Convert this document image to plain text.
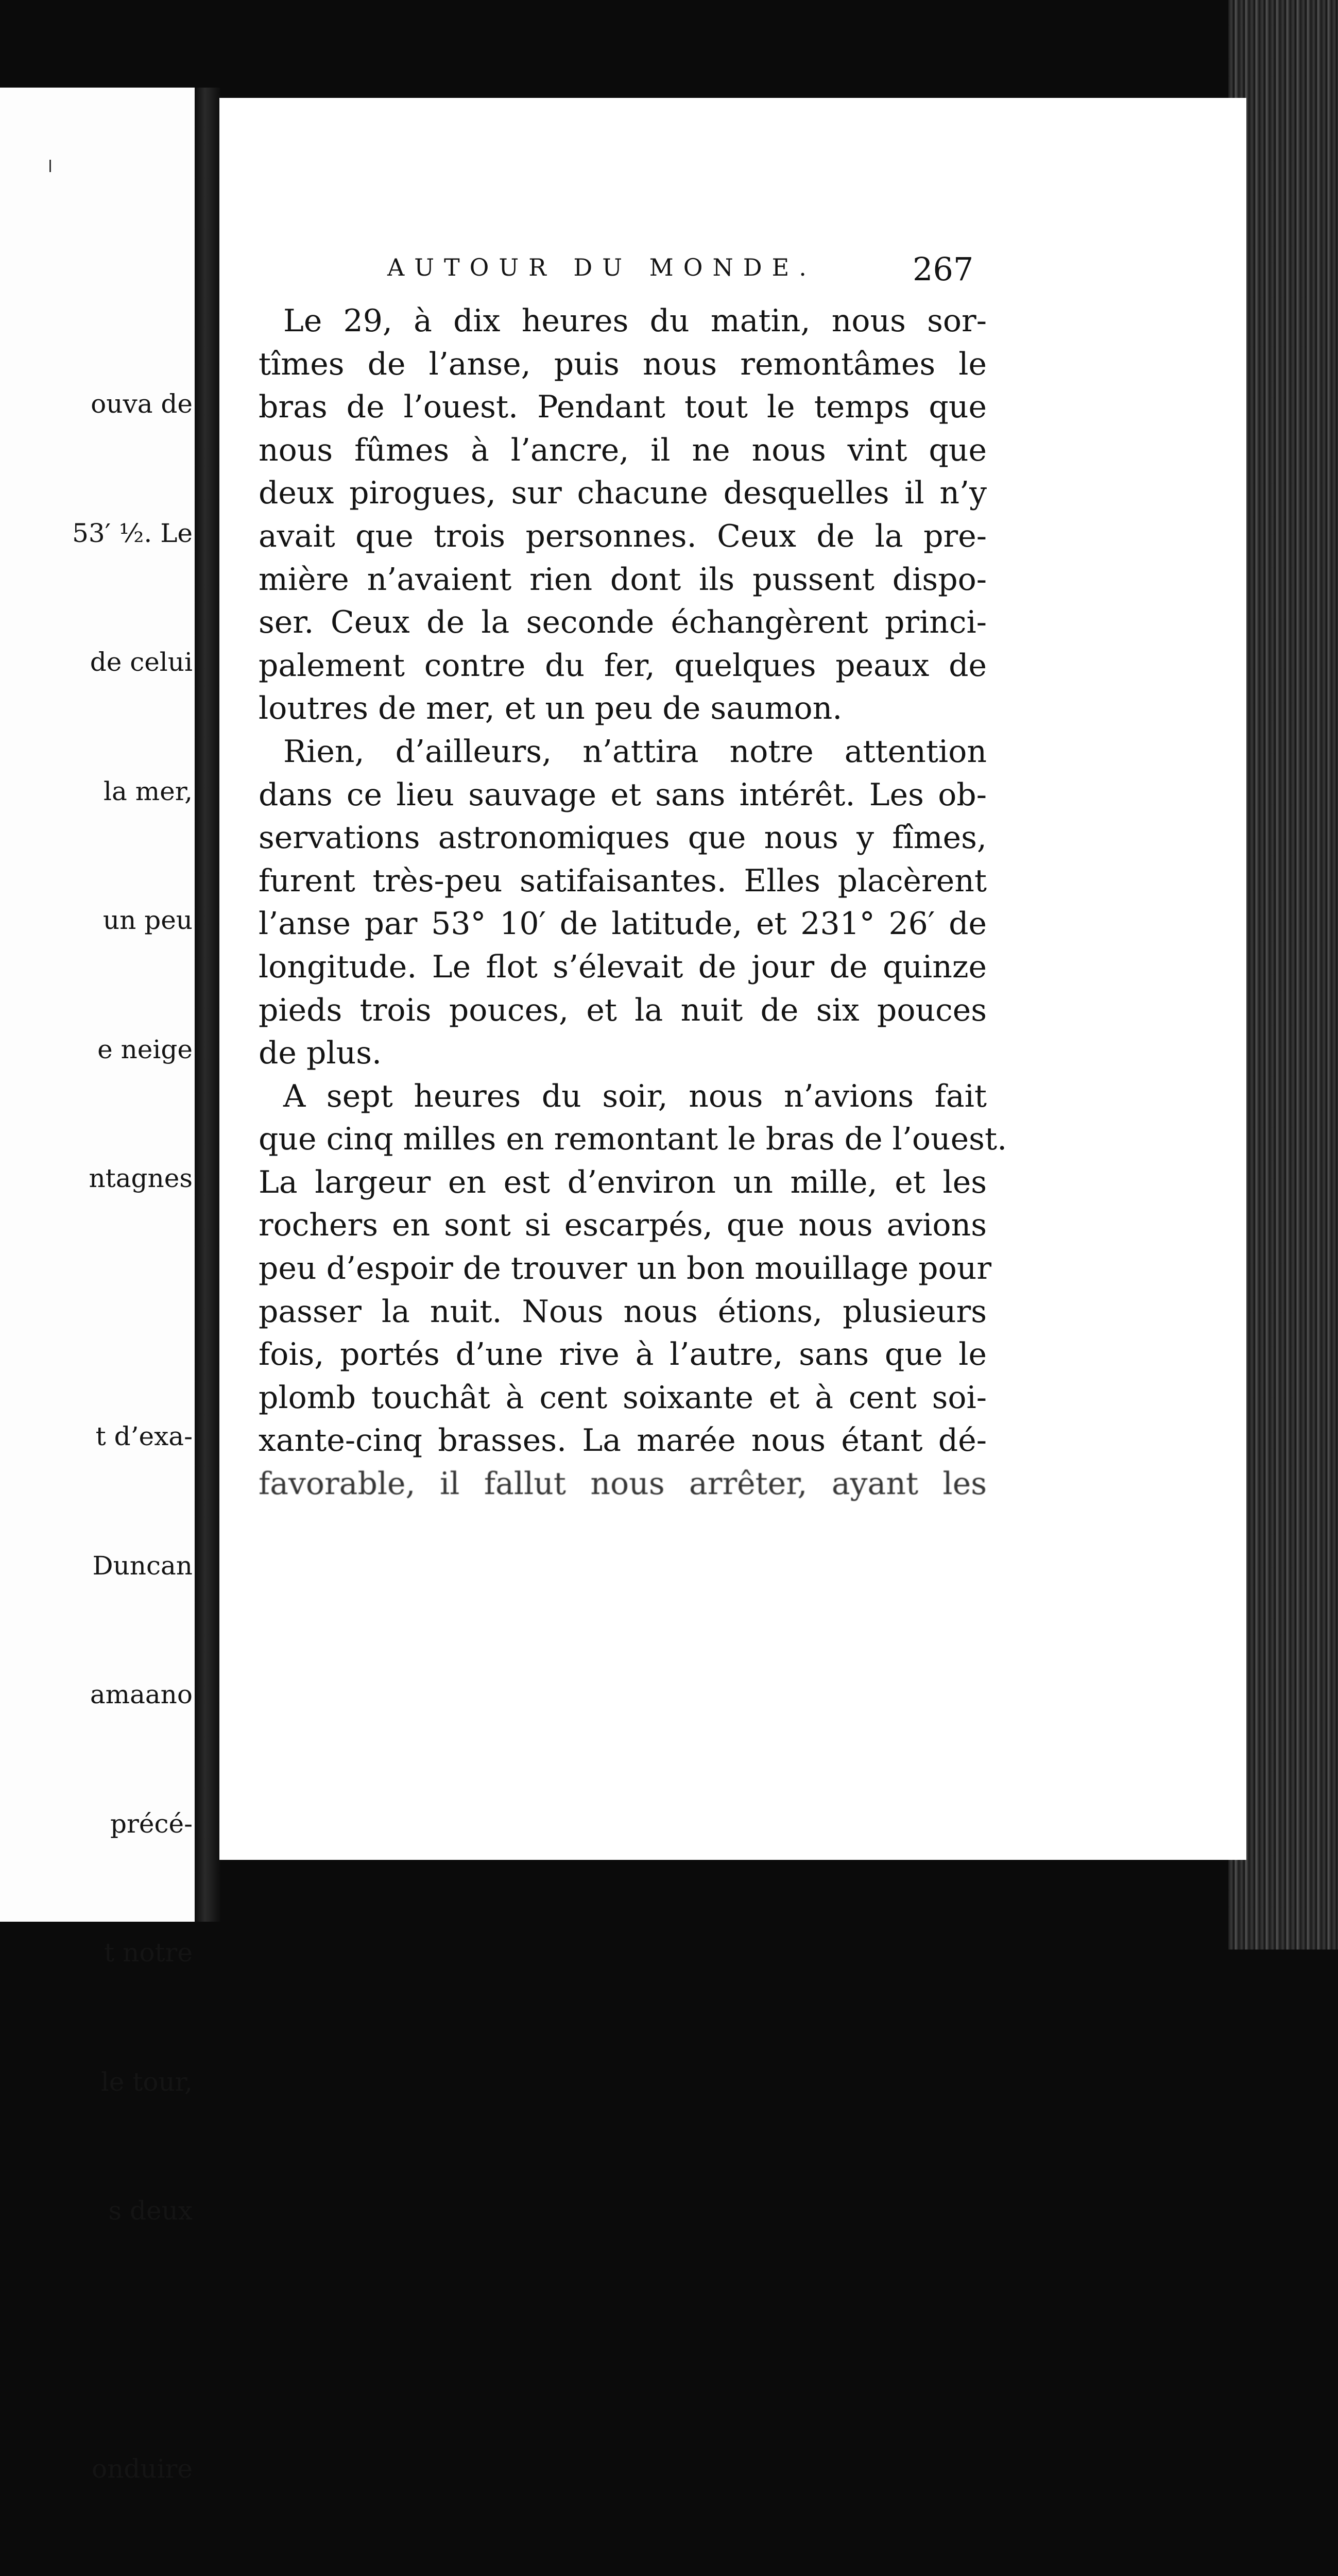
ouva de

53′ ½. Le

de celui

la mer,

un peu

e neige

ntagnes

t d’exa-

Duncan

amaano

précé-

t notre

le tour,

s deux

onduire

AUTOUR DU MONDE.	267
Le 29, à dix heures du matin, nous sor-
tîmes de l’anse, puis nous remontâmes le
bras de l’ouest. Pendant tout le temps que
nous fûmes à l’ancre, il ne nous vint que
deux pirogues, sur chacune desquelles il n’y
avait que trois personnes. Ceux de la pre-
mière n’avaient rien dont ils pussent dispo-
ser. Ceux de la seconde échangèrent princi-
palement contre du fer, quelques peaux de
loutres de mer, et un peu de saumon.
Rien, d’ailleurs, n’attira notre attention
dans ce lieu sauvage et sans intérêt. Les ob-
servations astronomiques que nous y fîmes,
furent très-peu satifaisantes. Elles placèrent
l’anse par 53° 10′ de latitude, et 231° 26′ de
longitude. Le flot s’élevait de jour de quinze
pieds trois pouces, et la nuit de six pouces
de plus.
A sept heures du soir, nous n’avions fait
que cinq milles en remontant le bras de l’ouest.
La largeur en est d’environ un mille, et les
rochers en sont si escarpés, que nous avions
peu d’espoir de trouver un bon mouillage pour
passer la nuit. Nous nous étions, plusieurs
fois, portés d’une rive à l’autre, sans que le
plomb touchât à cent soixante et à cent soi-
xante-cinq brasses. La marée nous étant dé-
favorable, il fallut nous arrêter, ayant les
